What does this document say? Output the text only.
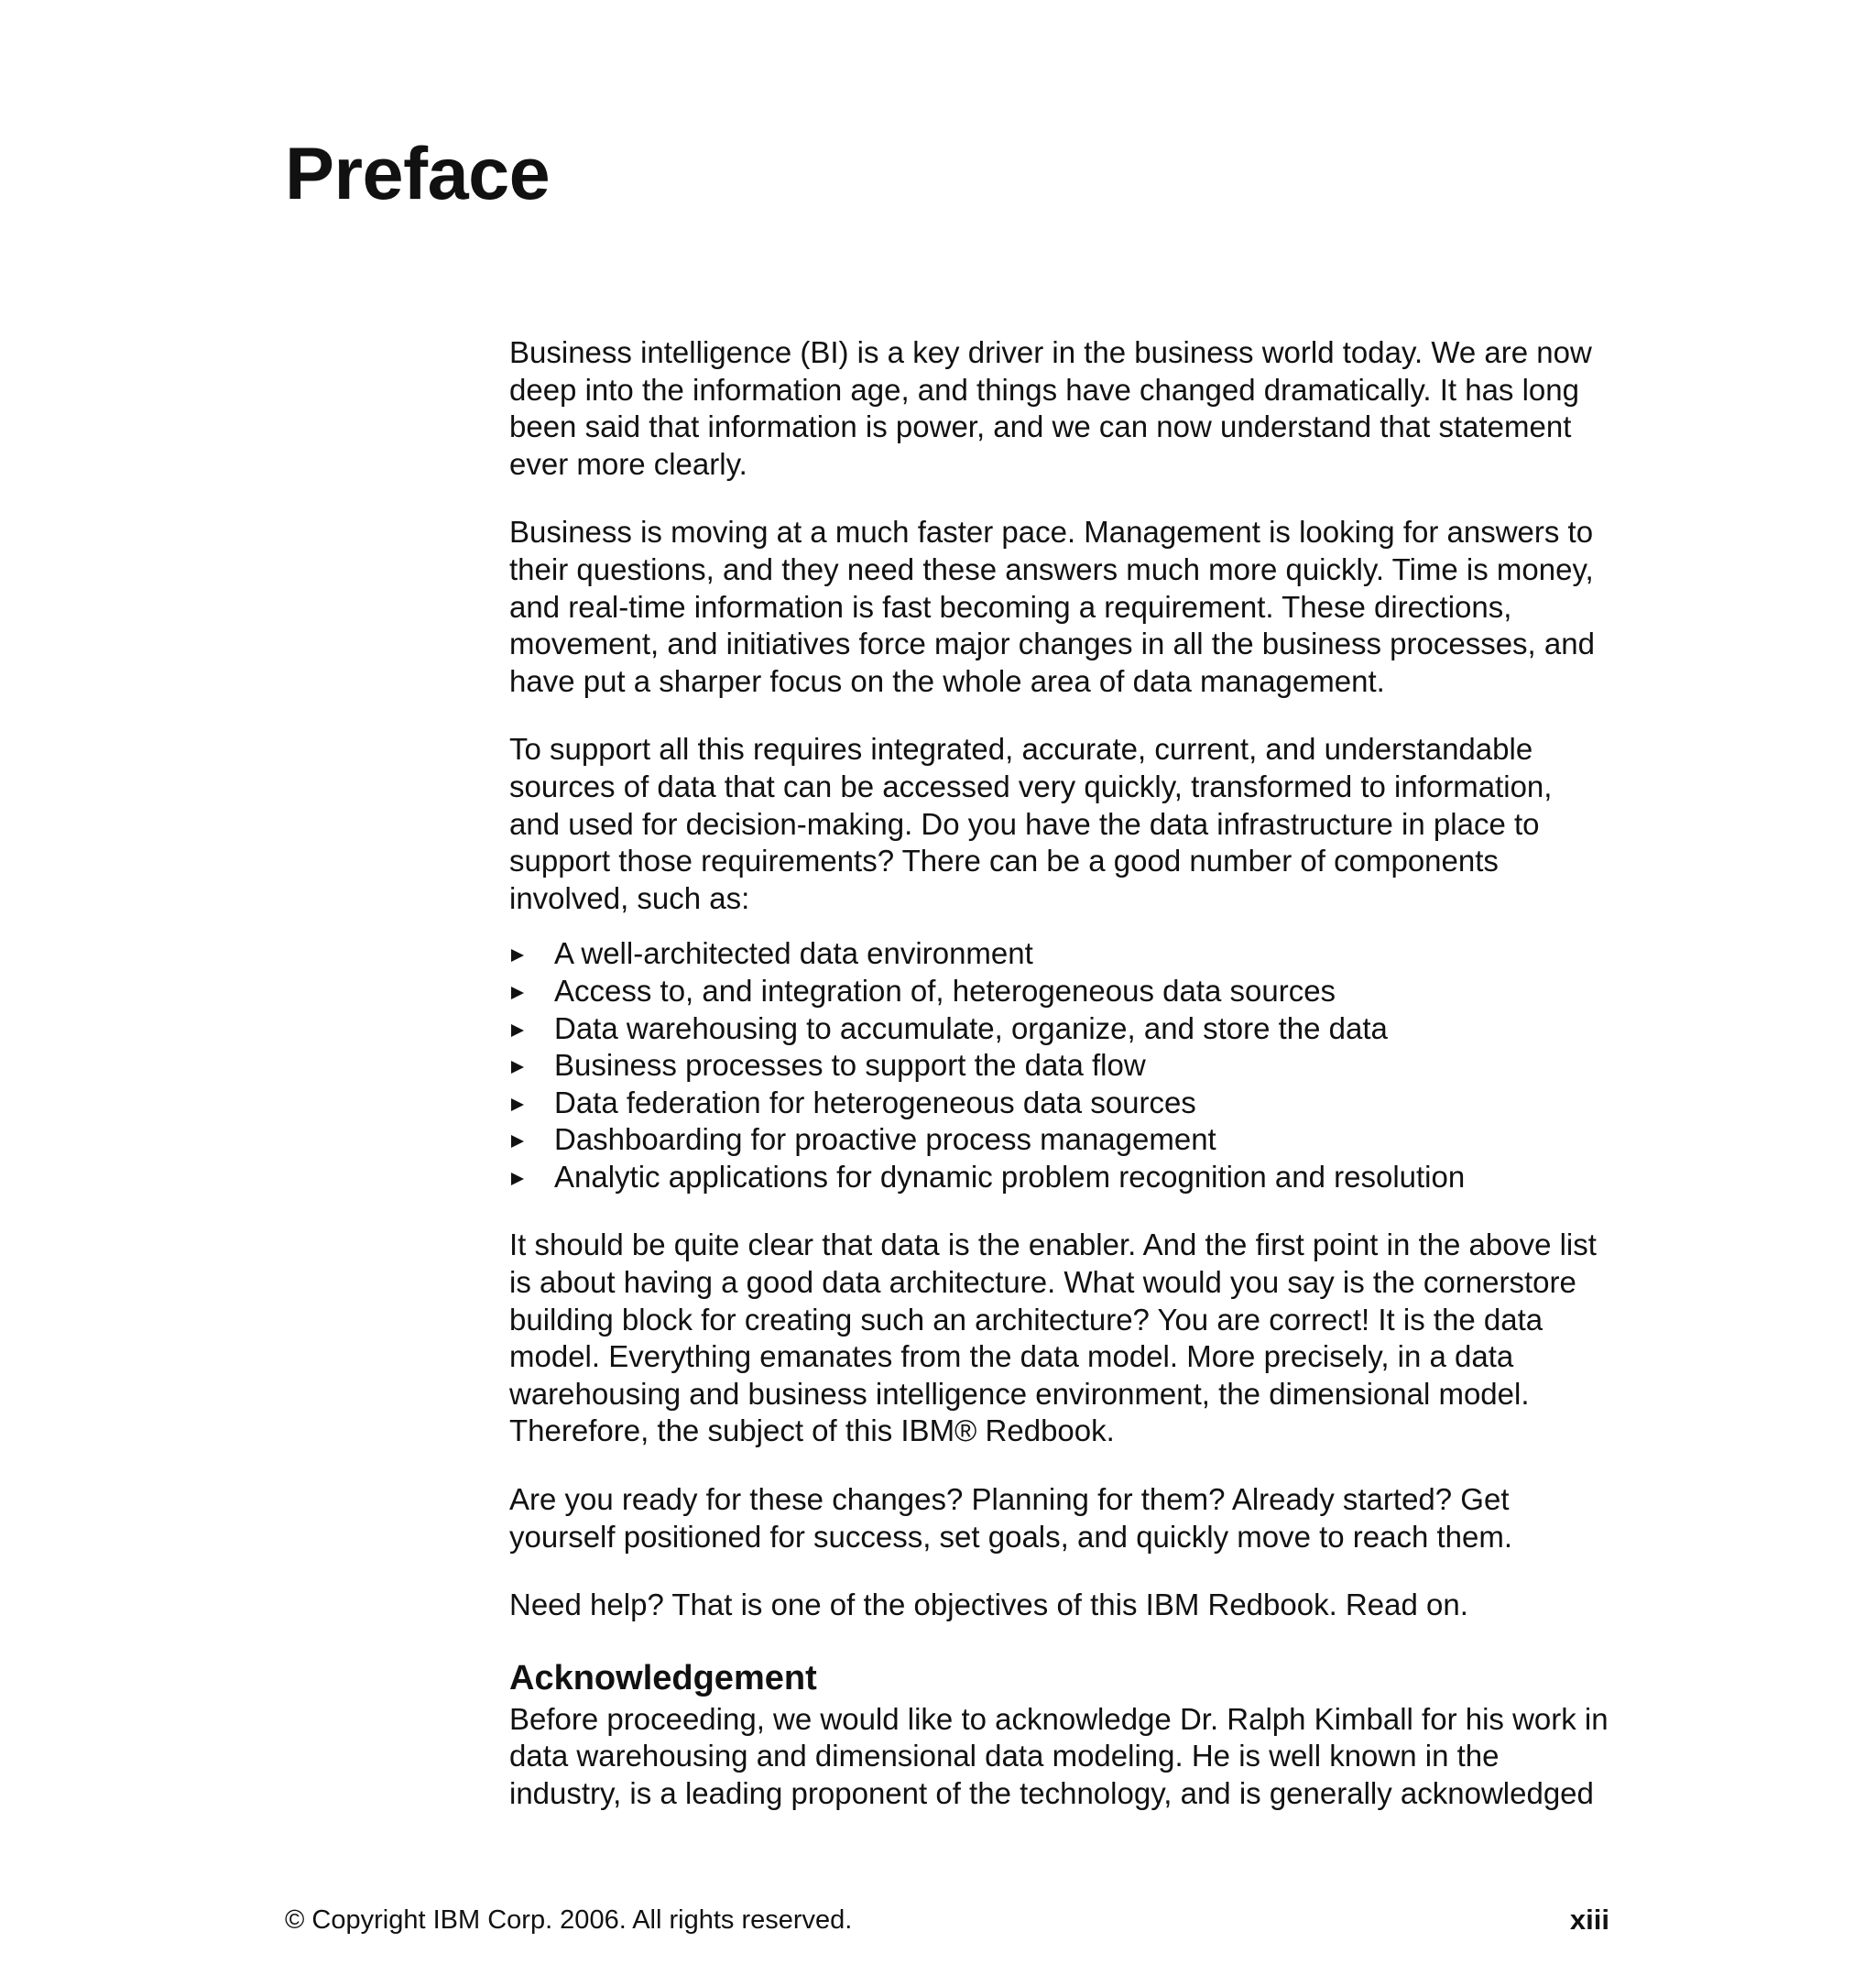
Preface

Business intelligence (BI) is a key driver in the business world today. We are now deep into the information age, and things have changed dramatically. It has long been said that information is power, and we can now understand that statement ever more clearly.

Business is moving at a much faster pace. Management is looking for answers to their questions, and they need these answers much more quickly. Time is money, and real-time information is fast becoming a requirement. These directions, movement, and initiatives force major changes in all the business processes, and have put a sharper focus on the whole area of data management.

To support all this requires integrated, accurate, current, and understandable sources of data that can be accessed very quickly, transformed to information, and used for decision-making. Do you have the data infrastructure in place to support those requirements? There can be a good number of components involved, such as:

A well-architected data environment
Access to, and integration of, heterogeneous data sources
Data warehousing to accumulate, organize, and store the data
Business processes to support the data flow
Data federation for heterogeneous data sources
Dashboarding for proactive process management
Analytic applications for dynamic problem recognition and resolution

It should be quite clear that data is the enabler. And the first point in the above list is about having a good data architecture. What would you say is the cornerstore building block for creating such an architecture? You are correct! It is the data model. Everything emanates from the data model. More precisely, in a data warehousing and business intelligence environment, the dimensional model. Therefore, the subject of this IBM® Redbook.

Are you ready for these changes? Planning for them? Already started? Get yourself positioned for success, set goals, and quickly move to reach them.

Need help? That is one of the objectives of this IBM Redbook. Read on.

Acknowledgement

Before proceeding, we would like to acknowledge Dr. Ralph Kimball for his work in data warehousing and dimensional data modeling. He is well known in the industry, is a leading proponent of the technology, and is generally acknowledged

© Copyright IBM Corp. 2006. All rights reserved.	xiii
